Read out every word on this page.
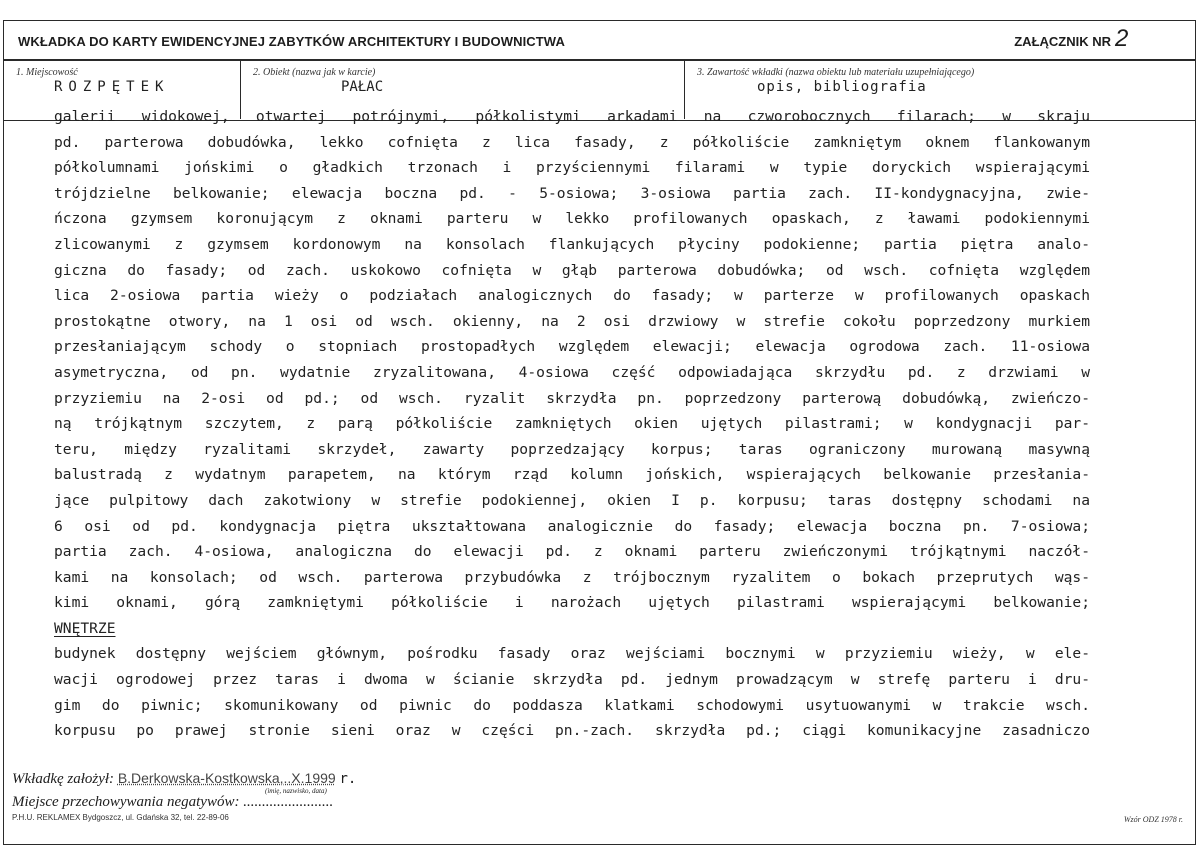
WKŁADKA DO KARTY EWIDENCYJNEJ ZABYTKÓW ARCHITEKTURY I BUDOWNICTWA	ZAŁĄCZNIK NR 2
1. Miejscowość
ROZPĘTEK
2. Obiekt (nazwa jak w karcie)
PAŁAC
3. Zawartość wkładki (nazwa obiektu lub materiału uzupełniającego)
opis, bibliografia
galerii widokowej, otwartej potrójnymi, półkolistymi arkadami na czworobocznych filarach; w skraju
pd. parterowa dobudówka, lekko cofnięta z lica fasady, z półkoliście zamkniętym oknem flankowanym
półkolumnami jońskimi o gładkich trzonach i przyściennymi filarami w typie doryckich wspierającymi
trójdzielne belkowanie; elewacja boczna pd. - 5-osiowa; 3-osiowa partia zach. II-kondygnacyjna, zwie-
ńczona gzymsem koronującym z oknami parteru w lekko profilowanych opaskach, z ławami podokiennymi
zlicowanymi z gzymsem kordonowym na konsolach flankujących płyciny podokienne; partia piętra analo-
giczna do fasady; od zach. uskokowo cofnięta w głąb parterowa dobudówka; od wsch. cofnięta względem
lica 2-osiowa partia wieży o podziałach analogicznych do fasady; w parterze w profilowanych opaskach
prostokątne otwory, na 1 osi od wsch. okienny, na 2 osi drzwiowy w strefie cokołu poprzedzony murkiem
przesłaniającym schody o stopniach prostopadłych względem elewacji; elewacja ogrodowa zach. 11-osiowa
asymetryczna, od pn. wydatnie zryzalitowana, 4-osiowa część odpowiadająca skrzydłu pd. z drzwiami w
przyziemiu na 2-osi od pd.; od wsch. ryzalit skrzydła pn. poprzedzony parterową dobudówką, zwieńczo-
ną trójkątnym szczytem, z parą półkoliście zamkniętych okien ujętych pilastrami; w kondygnacji par-
teru, między ryzalitami skrzydeł, zawarty poprzedzający korpus; taras ograniczony murowaną masywną
balustradą z wydatnym parapetem, na którym rząd kolumn jońskich, wspierających belkowanie przesłania-
jące pulpitowy dach zakotwiony w strefie podokiennej, okien I p. korpusu; taras dostępny schodami na
6 osi od pd. kondygnacja piętra ukształtowana analogicznie do fasady; elewacja boczna pn. 7-osiowa;
partia zach. 4-osiowa, analogiczna do elewacji pd. z oknami parteru zwieńczonymi trójkątnymi naczół-
kami na konsolach; od wsch. parterowa przybudówka z trójbocznym ryzalitem o bokach przeprutych wąs-
kimi oknami, górą zamkniętymi półkoliście i narożach ujętych pilastrami wspierającymi belkowanie;
WNĘTRZE
budynek dostępny wejściem głównym, pośrodku fasady oraz wejściami bocznymi w przyziemiu wieży, w ele-
wacji ogrodowej przez taras i dwoma w ścianie skrzydła pd. jednym prowadzącym w strefę parteru i dru-
gim do piwnic; skomunikowany od piwnic do poddasza klatkami schodowymi usytuowanymi w trakcie wsch.
korpusu po prawej stronie sieni oraz w części pn.-zach. skrzydła pd.; ciągi komunikacyjne zasadniczo
Wkładkę założył: B.Derkowska-Kostkowska,..X.1999 r.
(imię, nazwisko, data)
Miejsce przechowywania negatywów: ........................
P.H.U. REKLAMEX Bydgoszcz, ul. Gdańska 32, tel. 22-89-06	Wzór ODZ 1978 r.
